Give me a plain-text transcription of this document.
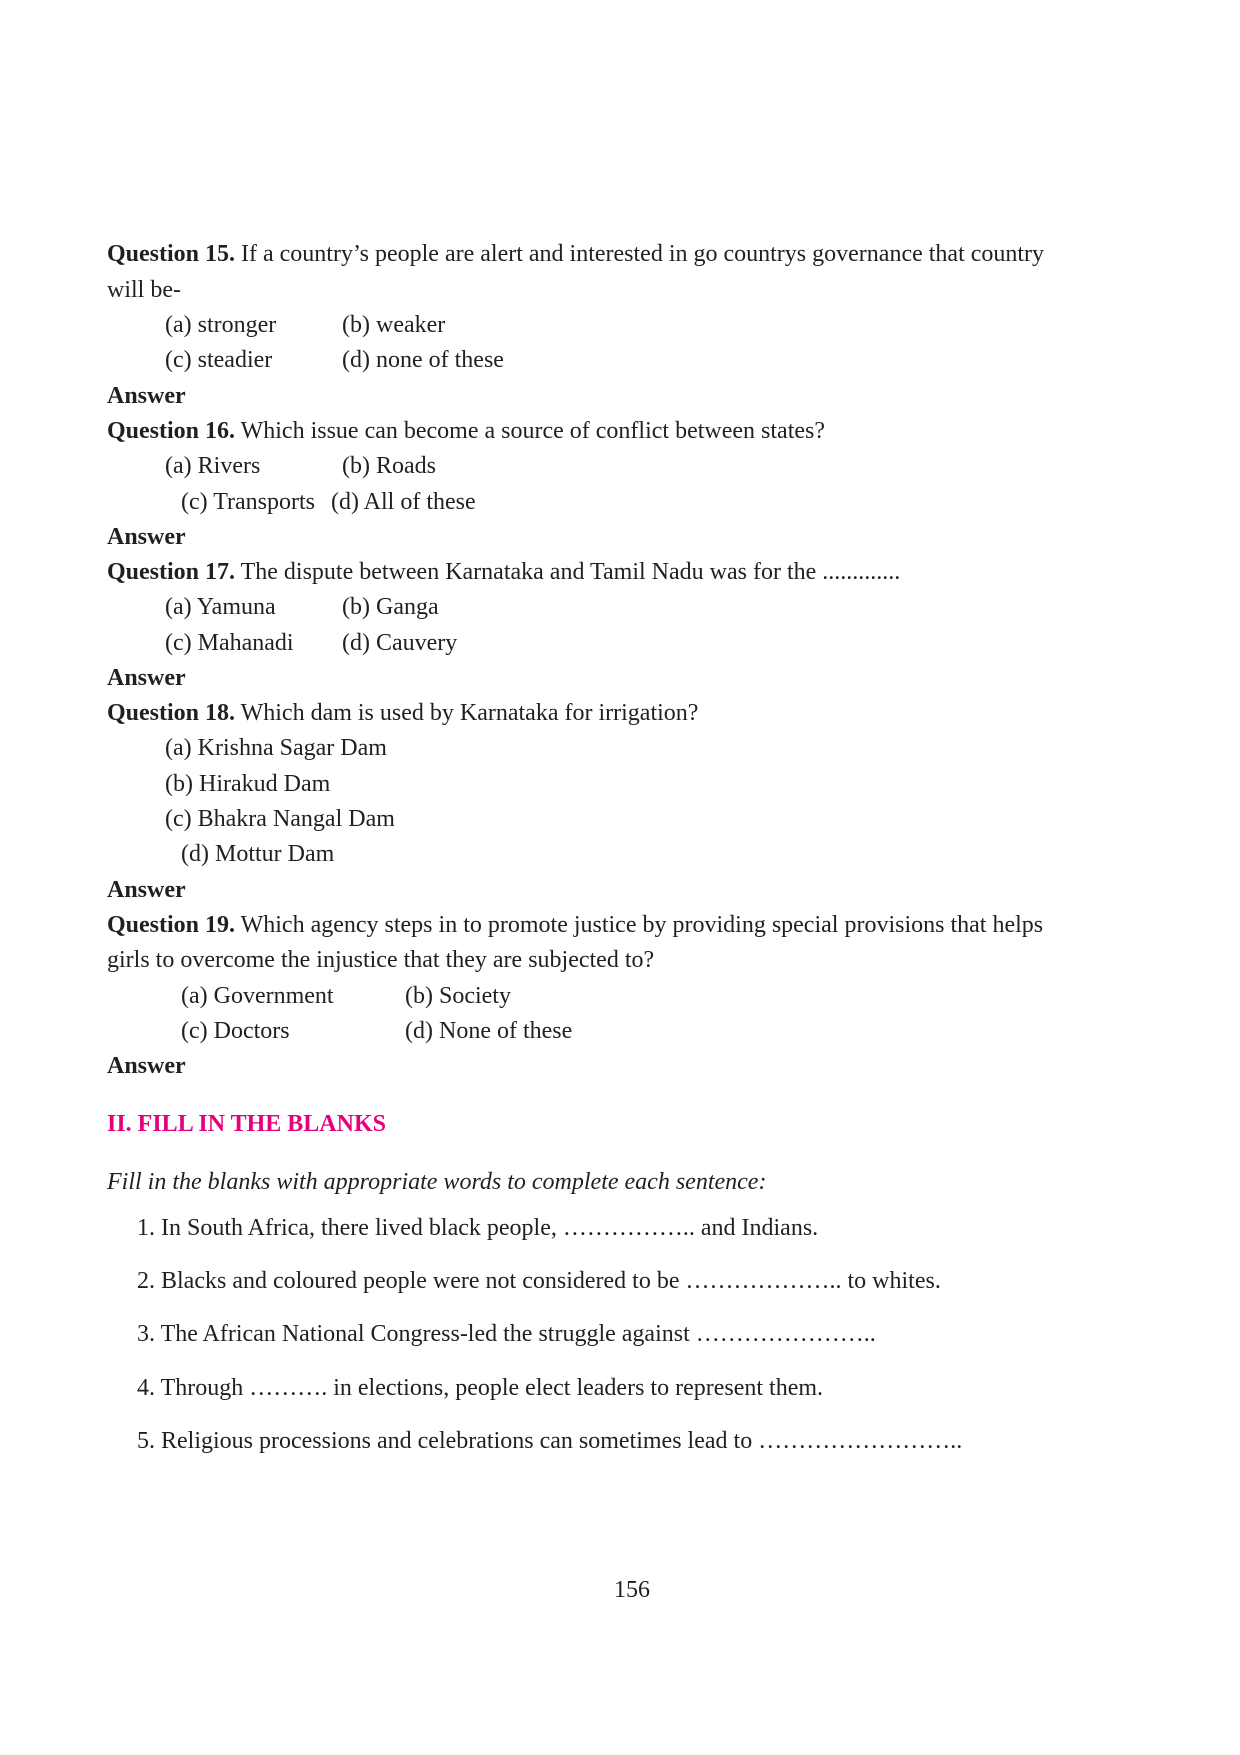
Question 15. If a country’s people are alert and interested in go countrys governance that country
will be-
(a) stronger	(b) weaker
(c) steadier	(d) none of these
Answer
Question 16. Which issue can become a source of conflict between states?
(a) Rivers	(b) Roads
(c) Transports (d) All of these
Answer
Question 17. The dispute between Karnataka and Tamil Nadu was for the .............
(a) Yamuna	(b) Ganga
(c) Mahanadi (d) Cauvery
Answer
Question 18. Which dam is used by Karnataka for irrigation?
(a) Krishna Sagar Dam
(b) Hirakud Dam
(c) Bhakra Nangal Dam
(d) Mottur Dam
Answer
Question 19. Which agency steps in to promote justice by providing special provisions that helps
girls to overcome the injustice that they are subjected to?
(a) Government	(b) Society
(c) Doctors	(d) None of these
Answer
II. FILL IN THE BLANKS
Fill in the blanks with appropriate words to complete each sentence:
1. In South Africa, there lived black people, …………….. and Indians.
2. Blacks and coloured people were not considered to be ……………….. to whites.
3. The African National Congress-led the struggle against …………………..
4. Through ………. in elections, people elect leaders to represent them.
5. Religious processions and celebrations can sometimes lead to ……………………..
156
